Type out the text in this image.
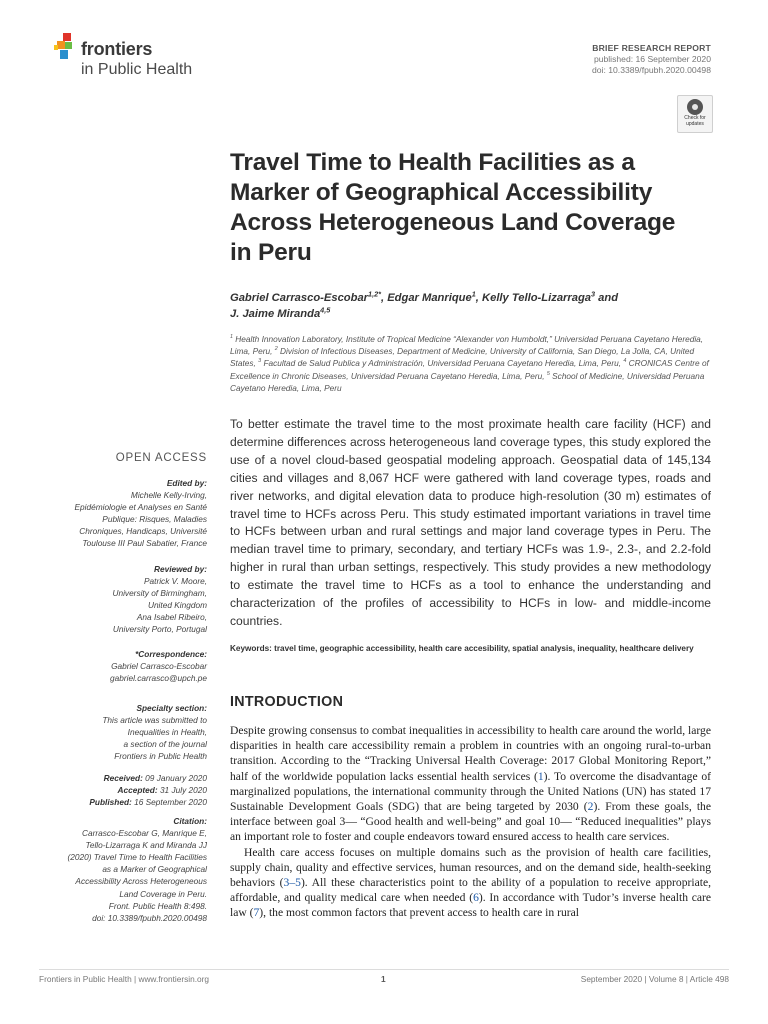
frontiers
in Public Health
BRIEF RESEARCH REPORT
published: 16 September 2020
doi: 10.3389/fpubh.2020.00498
Check for updates
Travel Time to Health Facilities as a Marker of Geographical Accessibility Across Heterogeneous Land Coverage in Peru
Gabriel Carrasco-Escobar$^{1,2*}$, Edgar Manrique$^1$, Kelly Tello-Lizarraga$^3$ and
J. Jaime Miranda$^{4,5}$
$^1$ Health Innovation Laboratory, Institute of Tropical Medicine “Alexander von Humboldt,” Universidad Peruana Cayetano Heredia, Lima, Peru, $^2$ Division of Infectious Diseases, Department of Medicine, University of California, San Diego, La Jolla, CA, United States, $^3$ Facultad de Salud Publica y Administración, Universidad Peruana Cayetano Heredia, Lima, Peru, $^4$ CRONICAS Centre of Excellence in Chronic Diseases, Universidad Peruana Cayetano Heredia, Lima, Peru, $^5$ School of Medicine, Universidad Peruana Cayetano Heredia, Lima, Peru
To better estimate the travel time to the most proximate health care facility (HCF) and determine differences across heterogeneous land coverage types, this study explored the use of a novel cloud-based geospatial modeling approach. Geospatial data of 145,134 cities and villages and 8,067 HCF were gathered with land coverage types, roads and river networks, and digital elevation data to produce high-resolution (30 m) estimates of travel time to HCFs across Peru. This study estimated important variations in travel time to HCFs between urban and rural settings and major land coverage types in Peru. The median travel time to primary, secondary, and tertiary HCFs was 1.9-, 2.3-, and 2.2-fold higher in rural than urban settings, respectively. This study provides a new methodology to estimate the travel time to HCFs as a tool to enhance the understanding and characterization of the profiles of accessibility to HCFs in low- and middle-income countries.
Keywords: travel time, geographic accessibility, health care accesibility, spatial analysis, inequality, healthcare delivery
OPEN ACCESS
Edited by:
Michelle Kelly-Irving,
Epidémiologie et Analyses en Santé
Publique: Risques, Maladies
Chroniques, Handicaps, Université
Toulouse III Paul Sabatier, France
Reviewed by:
Patrick V. Moore,
University of Birmingham,
United Kingdom
Ana Isabel Ribeiro,
University Porto, Portugal
*Correspondence:
Gabriel Carrasco-Escobar
gabriel.carrasco@upch.pe
Specialty section:
This article was submitted to
Inequalities in Health,
a section of the journal
Frontiers in Public Health
Received: 09 January 2020
Accepted: 31 July 2020
Published: 16 September 2020
Citation:
Carrasco-Escobar G, Manrique E,
Tello-Lizarraga K and Miranda JJ
(2020) Travel Time to Health Facilities
as a Marker of Geographical
Accessibility Across Heterogeneous
Land Coverage in Peru.
Front. Public Health 8:498.
doi: 10.3389/fpubh.2020.00498
INTRODUCTION

Despite growing consensus to combat inequalities in accessibility to health care around the world, large disparities in health care accessibility remain a problem in countries with an ongoing rural-to-urban transition. According to the “Tracking Universal Health Coverage: 2017 Global Monitoring Report,” half of the worldwide population lacks essential health services (1). To overcome the disadvantage of marginalized populations, the international community through the United Nations (UN) has stated 17 Sustainable Development Goals (SDG) that are being targeted by 2030 (2). From these goals, the interface between goal 3— “Good health and well-being” and goal 10— “Reduced inequalities” plays an important role to foster and couple endeavors toward ensured access to health care services.

Health care access focuses on multiple domains such as the provision of health care facilities, supply chain, quality and effective services, human resources, and on the demand side, health-seeking behaviors (3–5). All these characteristics point to the ability of a population to receive appropriate, affordable, and quality medical care when needed (6). In accordance with Tudor’s inverse health care law (7), the most common factors that prevent access to health care in rural

Frontiers in Public Health | www.frontiersin.org	1	September 2020 | Volume 8 | Article 498
